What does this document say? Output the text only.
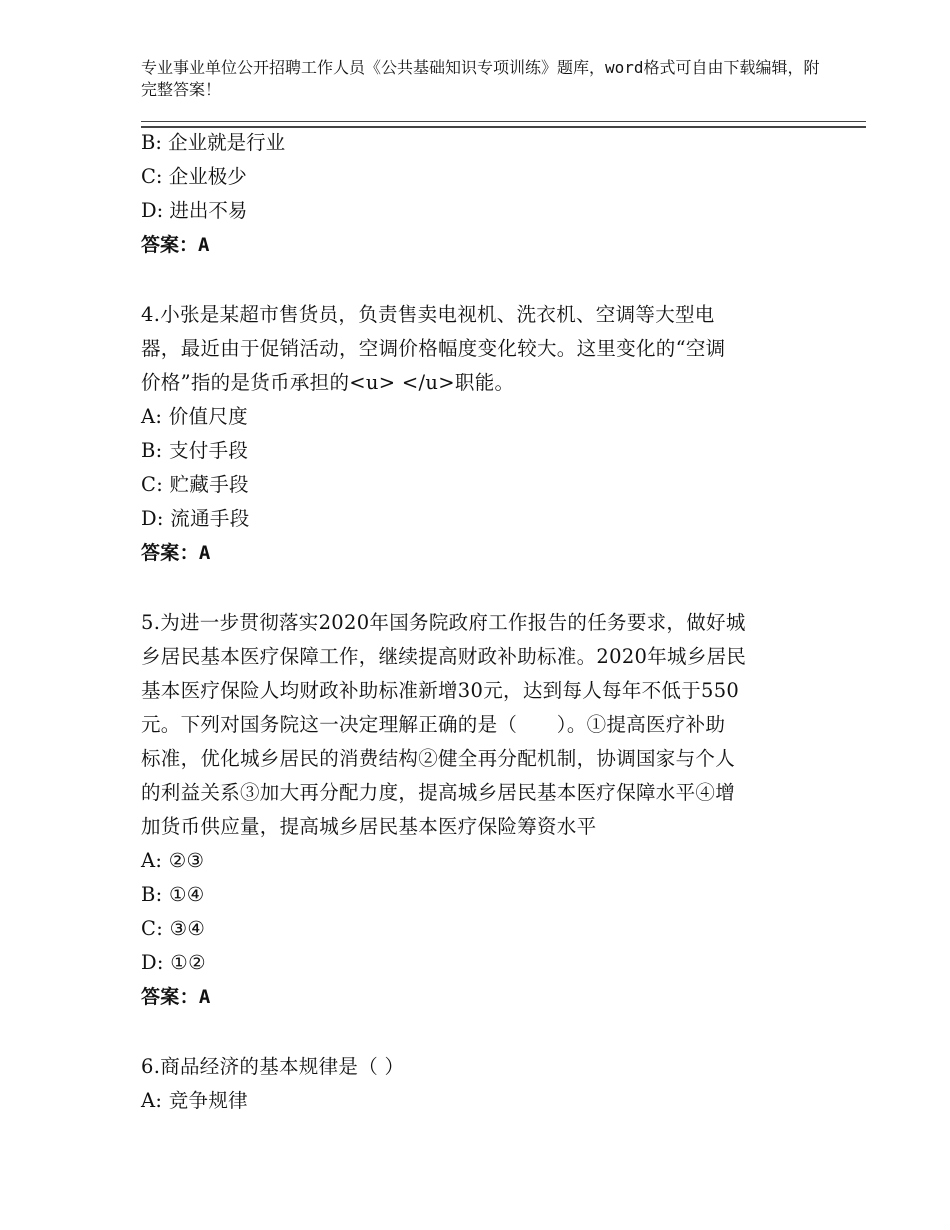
专业事业单位公开招聘工作人员《公共基础知识专项训练》题库，word格式可自由下载编辑，附完整答案！
B: 企业就是行业
C: 企业极少
D: 进出不易
答案：A
4.小张是某超市售货员，负责售卖电视机、洗衣机、空调等大型电
器，最近由于促销活动，空调价格幅度变化较大。这里变化的“空调
价格”指的是货币承担的<u> </u>职能。
A: 价值尺度
B: 支付手段
C: 贮藏手段
D: 流通手段
答案：A
5.为进一步贯彻落实2020年国务院政府工作报告的任务要求，做好城
乡居民基本医疗保障工作，继续提高财政补助标准。2020年城乡居民
基本医疗保险人均财政补助标准新增30元，达到每人每年不低于550
元。下列对国务院这一决定理解正确的是（　　）。①提高医疗补助
标准，优化城乡居民的消费结构②健全再分配机制，协调国家与个人
的利益关系③加大再分配力度，提高城乡居民基本医疗保障水平④增
加货币供应量，提高城乡居民基本医疗保险筹资水平
A: ②③
B: ①④
C: ③④
D: ①②
答案：A
6.商品经济的基本规律是（ ）
A: 竞争规律
